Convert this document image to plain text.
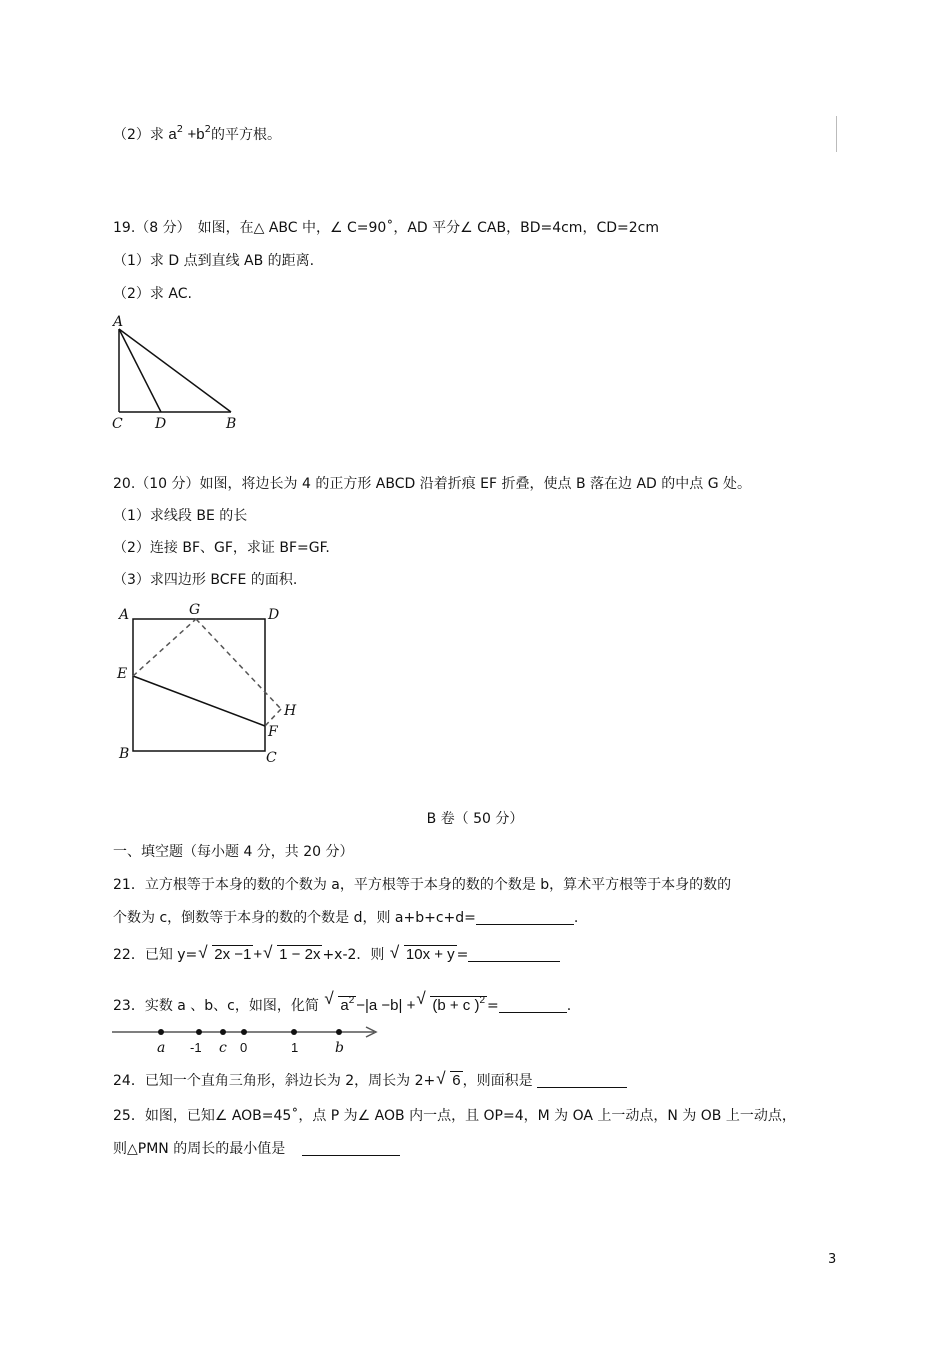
（2）求 $a^2 +b^2$的平方根。
19.（8 分）　如图，在△ ABC 中，∠ C=90˚，AD 平分∠ CAB，BD=4cm，CD=2cm
（1）求 D 点到直线 AB 的距离.
（2）求 AC.
A
C D	B
20.（10 分）如图，将边长为 4 的正方形 ABCD 沿着折痕 EF 折叠，使点 B 落在边 AD 的中点 G 处。
（1）求线段 BE 的长
（2）连接 BF、GF，求证 BF=GF.
（3）求四边形 BCFE 的面积.
A	G	D
E
H
F
B	C
B 卷（ 50 分）
一、填空题（每小题 4 分，共 20 分）
21．立方根等于本身的数的个数为 a，平方根等于本身的数的个数是 b，算术平方根等于本身的数的
个数为 c，倒数等于本身的数的个数是 d，则 a+b+c+d=	.
22．已知 y= √ 2x −1 + √ 1 − 2x +x-2．则 √ 10x + y =
23．实数 a 、b、c，如图，化简 √ $a^2 -|a -b|$ + √ (b + c )$^2$ =	.
a -1 c 0	1	b
24．已知一个直角三角形，斜边长为 2，周长为 2+ √ 6 ，则面积是
25．如图，已知∠ AOB=45˚，点 P 为∠ AOB 内一点，且 OP=4，M 为 OA 上一动点，N 为 OB 上一动点，
则△PMN 的周长的最小值是
3
